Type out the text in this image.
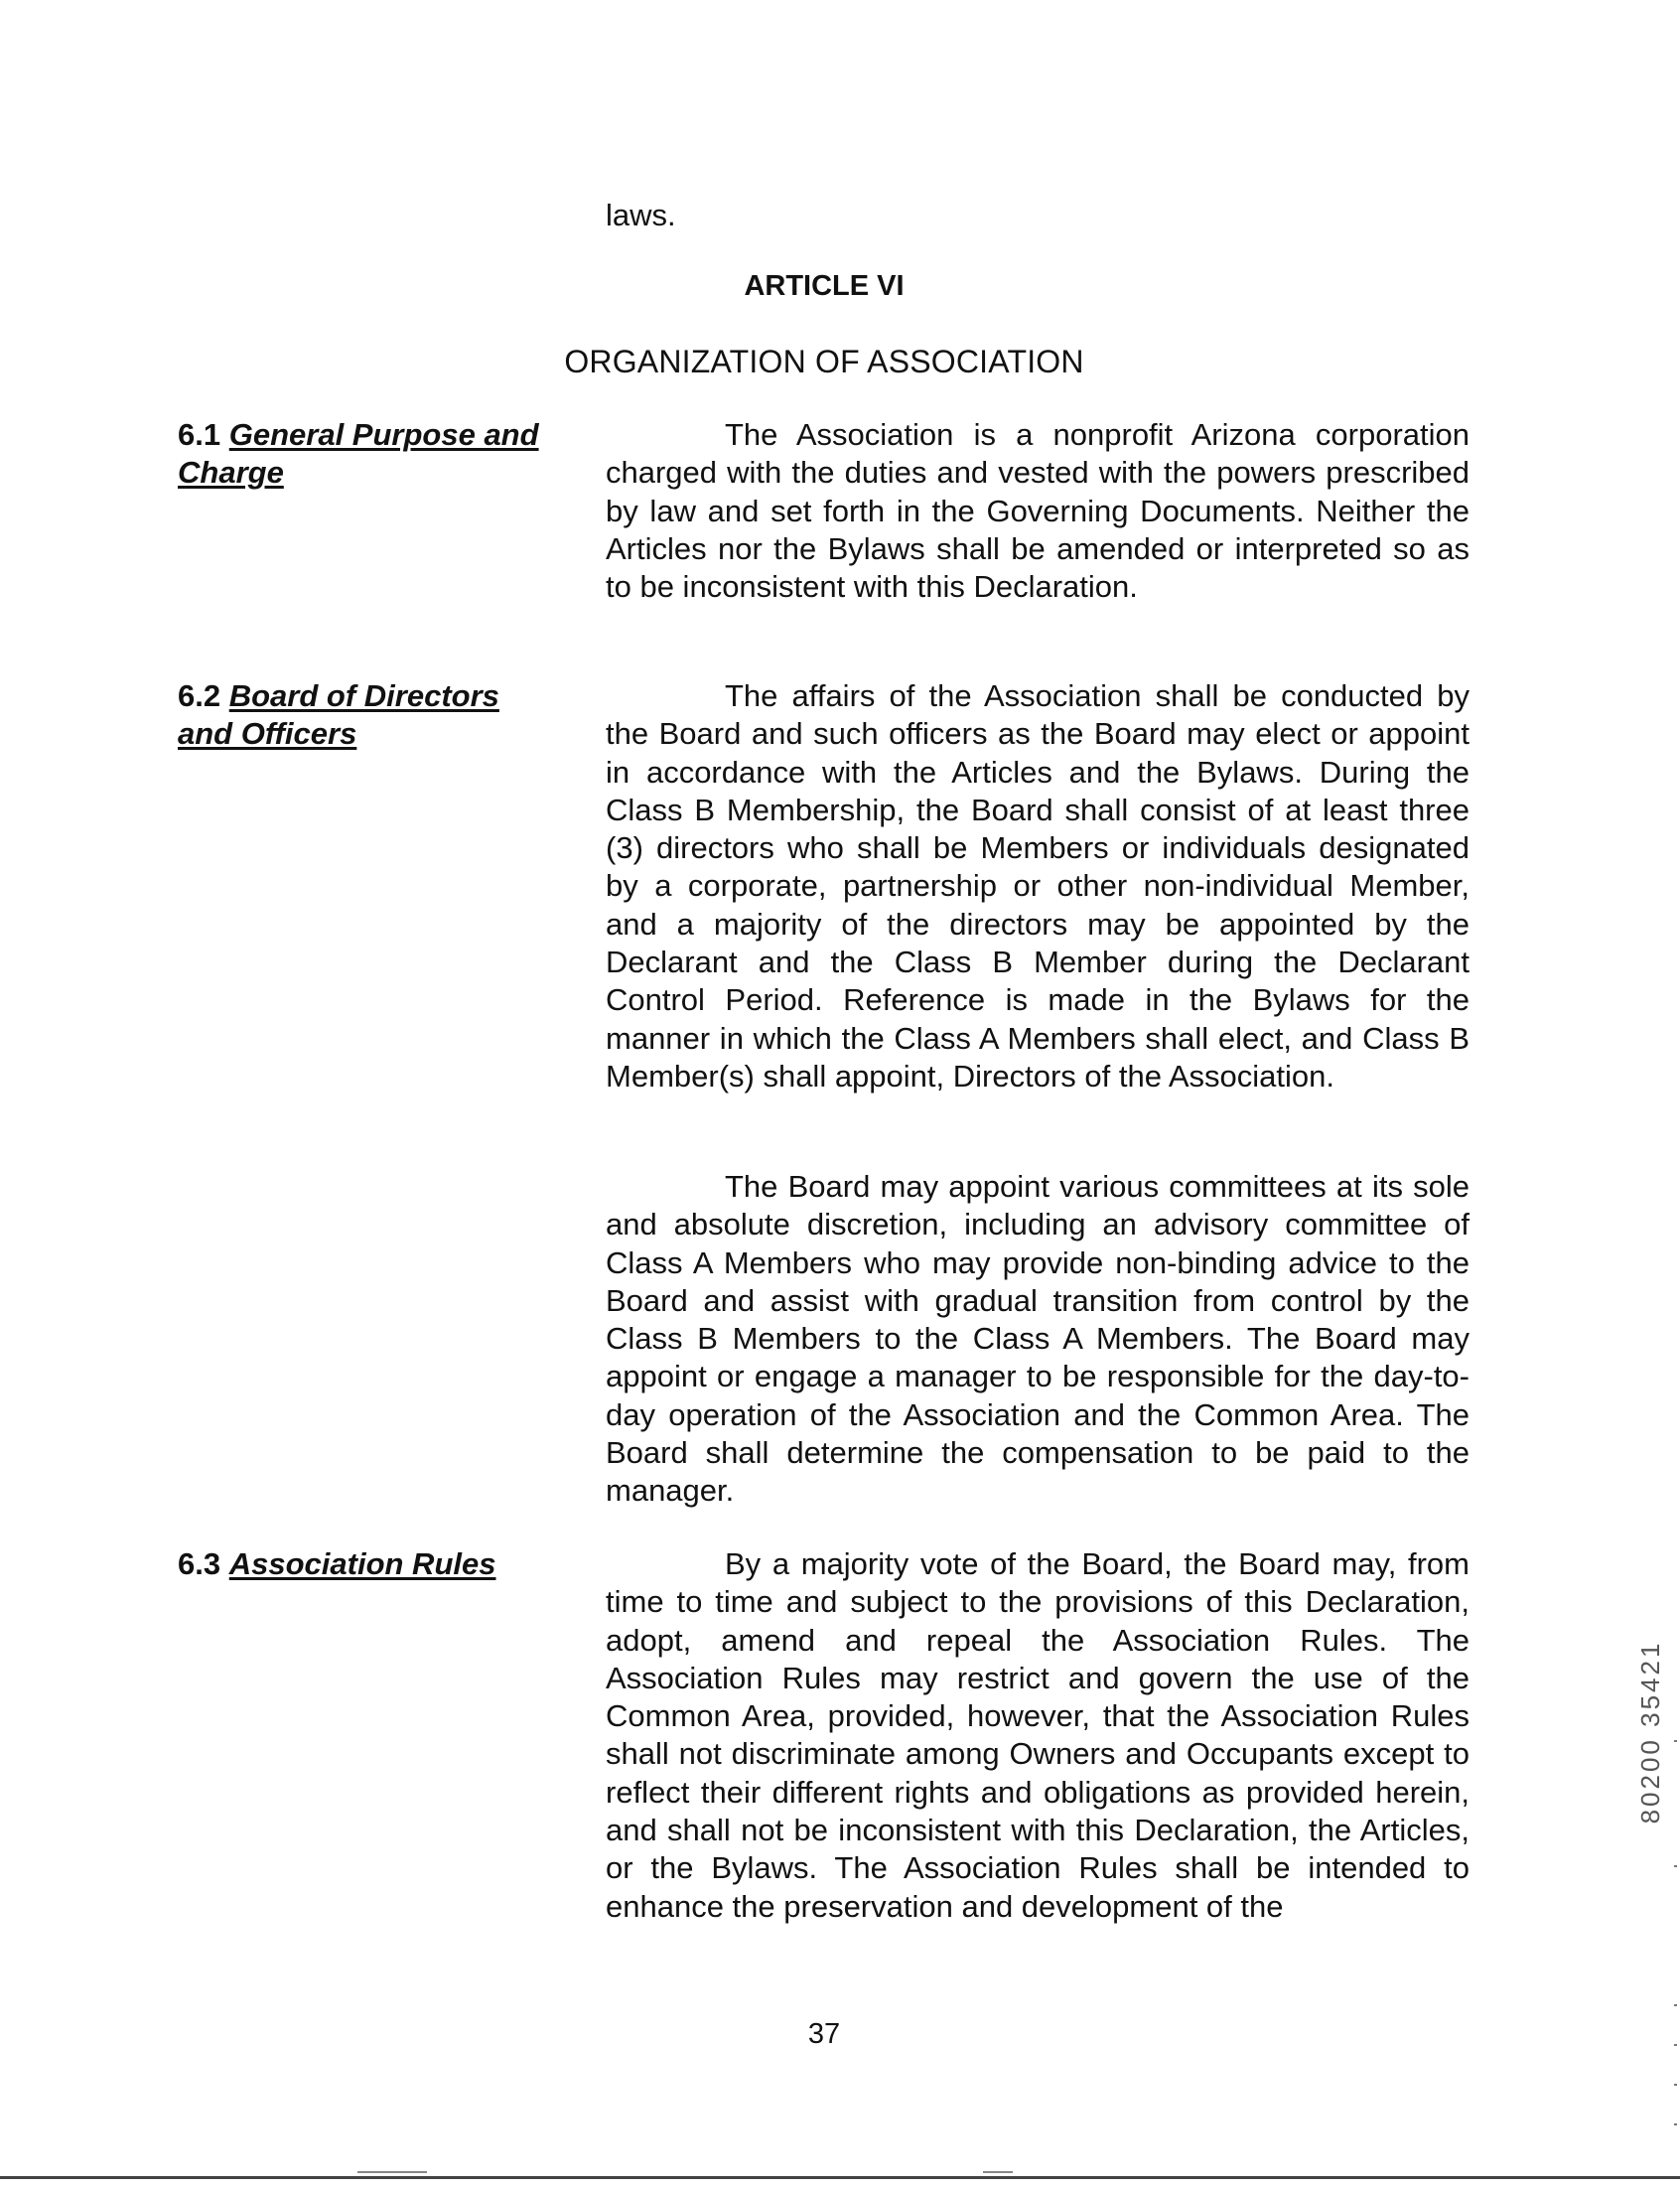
laws.

ARTICLE VI

ORGANIZATION OF ASSOCIATION

6.1 General Purpose and
Charge

The Association is a nonprofit Arizona corporation charged with the duties and vested with the powers prescribed by law and set forth in the Governing Documents. Neither the Articles nor the Bylaws shall be amended or interpreted so as to be inconsistent with this Declaration.

6.2 Board of Directors
and Officers

The affairs of the Association shall be conducted by the Board and such officers as the Board may elect or appoint in accordance with the Articles and the Bylaws. During the Class B Membership, the Board shall consist of at least three (3) directors who shall be Members or individuals designated by a corporate, partnership or other non-individual Member, and a majority of the directors may be appointed by the Declarant and the Class B Member during the Declarant Control Period. Reference is made in the Bylaws for the manner in which the Class A Members shall elect, and Class B Member(s) shall appoint, Directors of the Association.

The Board may appoint various committees at its sole and absolute discretion, including an advisory committee of Class A Members who may provide non-binding advice to the Board and assist with gradual transition from control by the Class B Members to the Class A Members. The Board may appoint or engage a manager to be responsible for the day-to-day operation of the Association and the Common Area. The Board shall determine the compensation to be paid to the manager.

6.3 Association Rules	By a majority vote of the Board, the Board may, from time to time and subject to the provisions of this Declaration, adopt, amend and repeal the Association Rules. The Association Rules may restrict and govern the use of the Common Area, provided, however, that the Association Rules shall not discriminate among Owners and Occupants except to reflect their different rights and obligations as provided herein, and shall not be inconsistent with this Declaration, the Articles, or the Bylaws. The Association Rules shall be intended to enhance the preservation and development of the

37

80200 35421
